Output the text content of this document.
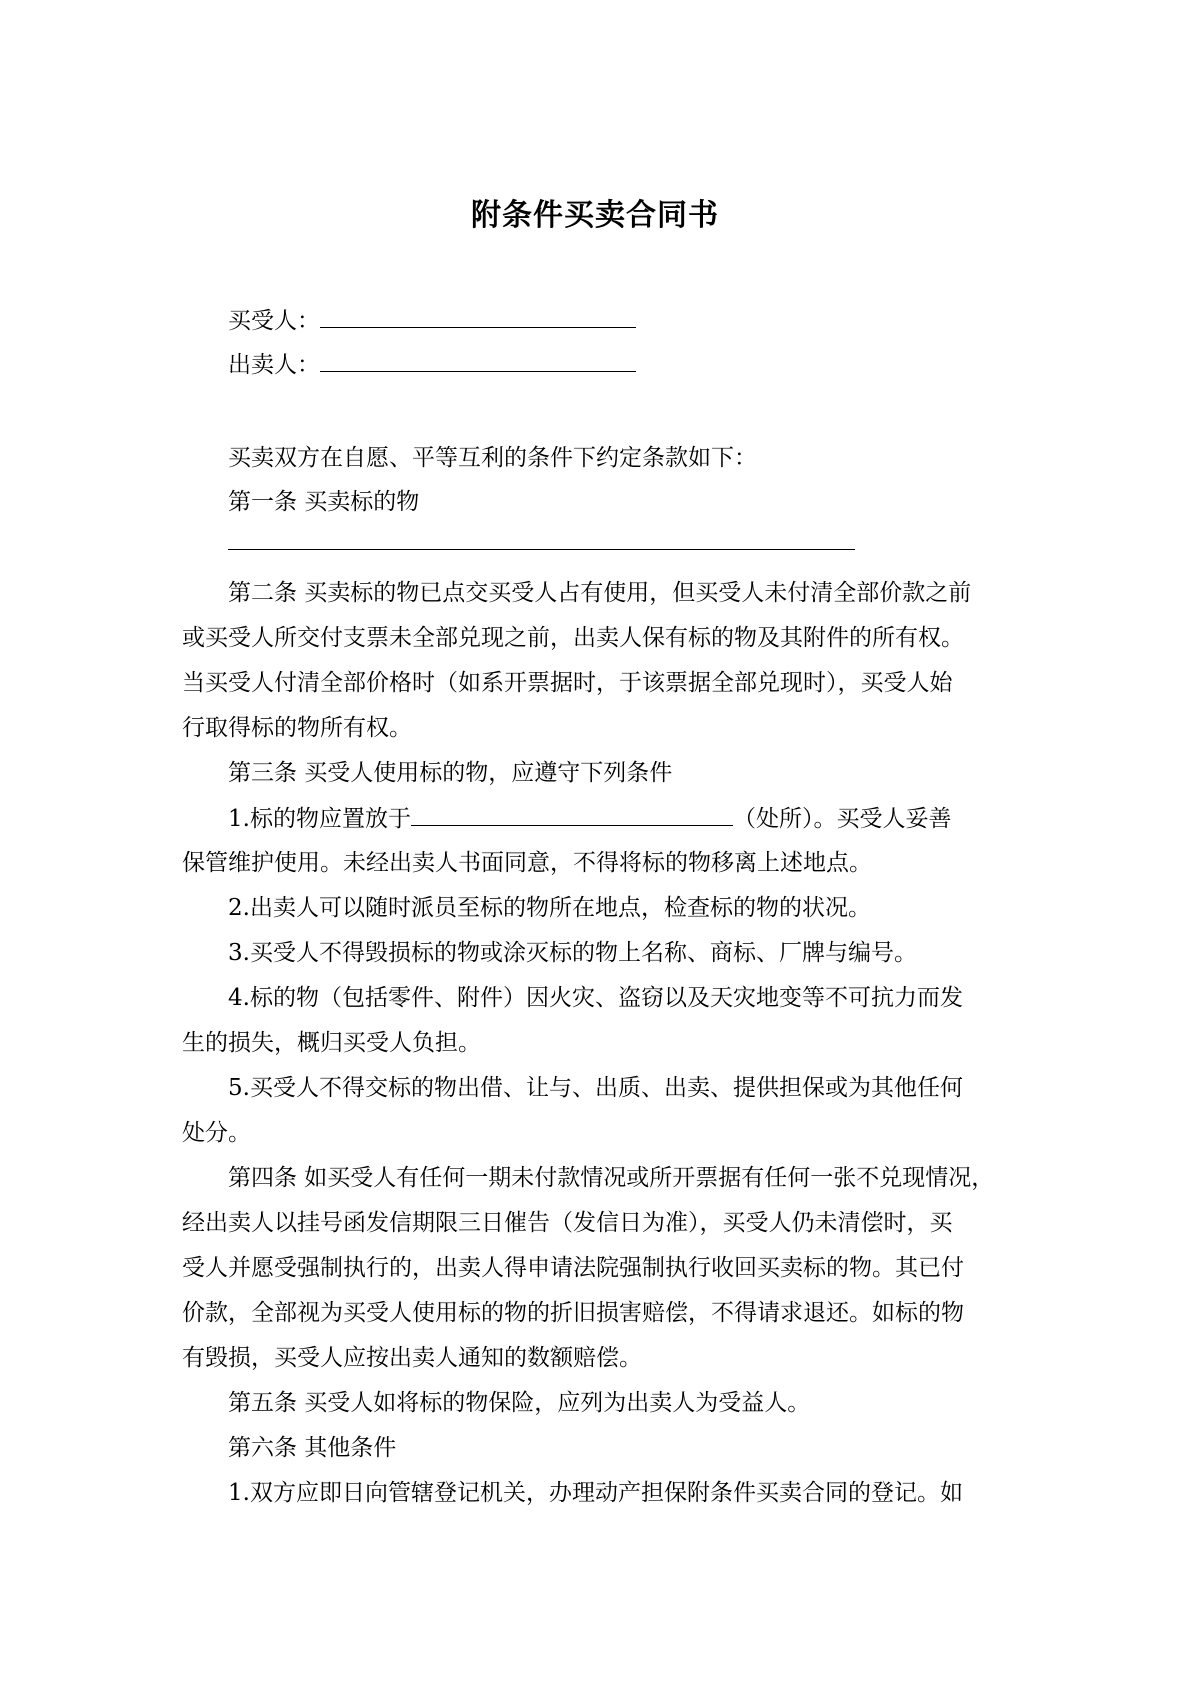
附条件买卖合同书
买受人：
出卖人：
买卖双方在自愿、平等互利的条件下约定条款如下：
第一条 买卖标的物
第二条 买卖标的物已点交买受人占有使用，但买受人未付清全部价款之前
或买受人所交付支票未全部兑现之前，出卖人保有标的物及其附件的所有权。
当买受人付清全部价格时（如系开票据时，于该票据全部兑现时），买受人始
行取得标的物所有权。
第三条 买受人使用标的物，应遵守下列条件
1.标的物应置放于	（处所）。买受人妥善
保管维护使用。未经出卖人书面同意，不得将标的物移离上述地点。
2.出卖人可以随时派员至标的物所在地点，检查标的物的状况。
3.买受人不得毁损标的物或涂灭标的物上名称、商标、厂牌与编号。
4.标的物（包括零件、附件）因火灾、盗窃以及天灾地变等不可抗力而发
生的损失，概归买受人负担。
5.买受人不得交标的物出借、让与、出质、出卖、提供担保或为其他任何
处分。
第四条 如买受人有任何一期未付款情况或所开票据有任何一张不兑现情况，
经出卖人以挂号函发信期限三日催告（发信日为准），买受人仍未清偿时，买
受人并愿受强制执行的，出卖人得申请法院强制执行收回买卖标的物。其已付
价款，全部视为买受人使用标的物的折旧损害赔偿，不得请求退还。如标的物
有毁损，买受人应按出卖人通知的数额赔偿。
第五条 买受人如将标的物保险，应列为出卖人为受益人。
第六条 其他条件
1.双方应即日向管辖登记机关，办理动产担保附条件买卖合同的登记。如
